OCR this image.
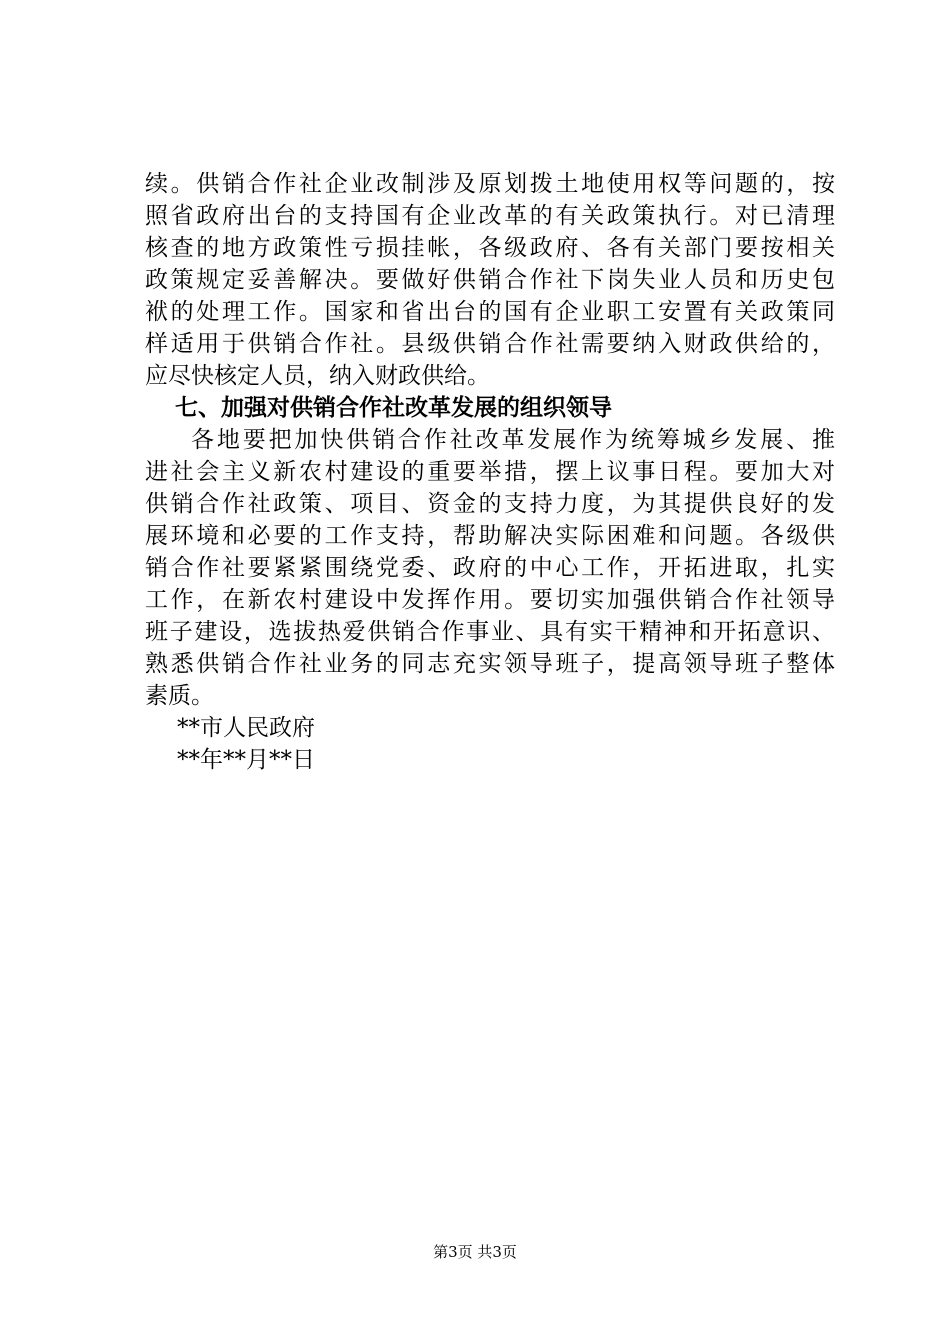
续。供销合作社企业改制涉及原划拨土地使用权等问题的，按
照省政府出台的支持国有企业改革的有关政策执行。对已清理
核查的地方政策性亏损挂帐，各级政府、各有关部门要按相关
政策规定妥善解决。要做好供销合作社下岗失业人员和历史包
袱的处理工作。国家和省出台的国有企业职工安置有关政策同
样适用于供销合作社。县级供销合作社需要纳入财政供给的，
应尽快核定人员，纳入财政供给。
七、加强对供销合作社改革发展的组织领导
各地要把加快供销合作社改革发展作为统筹城乡发展、推
进社会主义新农村建设的重要举措，摆上议事日程。要加大对
供销合作社政策、项目、资金的支持力度，为其提供良好的发
展环境和必要的工作支持，帮助解决实际困难和问题。各级供
销合作社要紧紧围绕党委、政府的中心工作，开拓进取，扎实
工作，在新农村建设中发挥作用。要切实加强供销合作社领导
班子建设，选拔热爱供销合作事业、具有实干精神和开拓意识、
熟悉供销合作社业务的同志充实领导班子，提高领导班子整体
素质。
**市人民政府
**年**月**日
第3页 共3页
